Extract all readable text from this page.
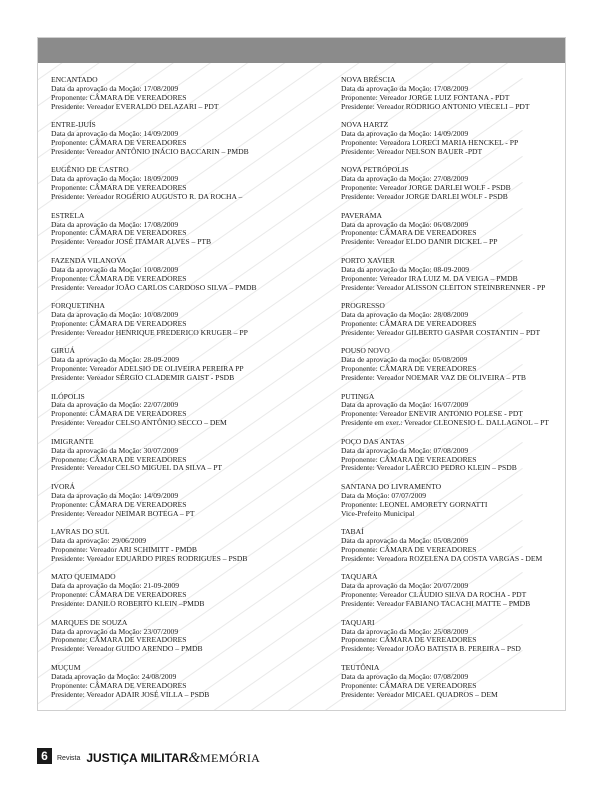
ENCANTADO
Data da aprovação da Moção: 17/08/2009
Proponente: CÂMARA DE VEREADORES
Presidente: Vereador EVERALDO DELAZARI – PDT
ENTRE-IJUÍS
Data da aprovação da Moção: 14/09/2009
Proponente: CÂMARA DE VEREADORES
Presidente: Vereador ANTÔNIO INÁCIO BACCARIN – PMDB
EUGÊNIO DE CASTRO
Data da aprovação da Moção: 18/09/2009
Proponente: CÂMARA DE VEREADORES
Presidente: Vereador ROGÉRIO AUGUSTO R. DA ROCHA –
ESTRELA
Data da aprovação da Moção: 17/08/2009
Proponente: CÂMARA DE VEREADORES
Presidente: Vereador JOSÉ ITAMAR ALVES – PTB
FAZENDA VILANOVA
Data da aprovação da Moção: 10/08/2009
Proponente: CÂMARA DE VEREADORES
Presidente: Vereador JOÃO CARLOS CARDOSO SILVA – PMDB
FORQUETINHA
Data da aprovação da Moção: 10/08/2009
Proponente: CÂMARA DE VEREADORES
Presidente: Vereador HENRIQUE FREDERICO KRUGER – PP
GIRUÁ
Data da aprovação da Moção: 28-09-2009
Proponente: Vereador ADELSIO DE OLIVEIRA PEREIRA PP
Presidente: Vereador SÉRGIO CLADEMIR GAIST - PSDB
ILÓPOLIS
Data da aprovação da Moção: 22/07/2009
Proponente: CÂMARA DE VEREADORES
Presidente: Vereador CELSO ANTÔNIO SECCO – DEM
IMIGRANTE
Data da aprovação da Moção: 30/07/2009
Proponente: CÂMARA DE VEREADORES
Presidente: Vereador CELSO MIGUEL DA SILVA – PT
IVORÁ
Data da aprovação da Moção: 14/09/2009
Proponente: CÂMARA DE VEREADORES
Presidente: Vereador NEIMAR BOTEGA – PT
LAVRAS DO SUL
Data da aprovação: 29/06/2009
Proponente: Vereador ARI SCHIMITT - PMDB
Presidente: Vereador EDUARDO PIRES RODRIGUES – PSDB
MATO QUEIMADO
Data da aprovação da Moção: 21-09-2009
Proponente: CÂMARA DE VEREADORES
Presidente: DANILO ROBERTO KLEIN –PMDB
MARQUES DE SOUZA
Data da aprovação da Moção: 23/07/2009
Proponente: CÂMARA DE VEREADORES
Presidente: Vereador GUIDO ARENDO – PMDB
MUÇUM
Datada aprovação da Moção: 24/08/2009
Proponente: CÂMARA DE VEREADORES
Presidente: Vereador ADAIR JOSÉ VILLA – PSDB
NOVA BRÉSCIA
Data da aprovação da Moção: 17/08/2009
Proponente: Vereador JORGE LUIZ FONTANA - PDT
Presidente: Vereador RODRIGO ANTONIO VIECELI – PDT
NOVA HARTZ
Data da aprovação da Moção: 14/09/2009
Proponente: Vereadora LORECI MARIA HENCKEL - PP
Presidente: Vereador NELSON BAUER -PDT
NOVA PETRÓPOLIS
Data da aprovação da Moção: 27/08/2009
Proponente: Vereador JORGE DARLEI WOLF - PSDB
Presidente: Vereador JORGE DARLEI WOLF - PSDB
PAVERAMA
Data da aprovação da Moção: 06/08/2009
Proponente: CÂMARA DE VEREADORES
Presidente: Vereador ELDO DANIR DICKEL – PP
PORTO XAVIER
Data da aprovação da Moção: 08-09-2009
Proponente: Vereador IRA LUIZ M. DA VEIGA – PMDB
Presidente: Vereador ALISSON CLEITON STEINBRENNER - PP
PROGRESSO
Data da aprovação da Moção: 28/08/2009
Proponente: CÂMARA DE VEREADORES
Presidente: Vereador GILBERTO GASPAR COSTANTIN – PDT
POUSO NOVO
Data de aprovação da moção: 05/08/2009
Proponente: CÂMARA DE VEREADORES
Presidente: Vereador NOEMAR VAZ DE OLIVEIRA – PTB
PUTINGA
Data da aprovação da Moção: 16/07/2009
Proponente: Vereador ENEVIR ANTONIO POLESE - PDT
Presidente em exer.: Vereador CLEONESIO L. DALLAGNOL – PT
POÇO DAS ANTAS
Data da aprovação da Moção: 07/08/2009
Proponente: CÂMARA DE VEREADORES
Presidente: Vereador LAÉRCIO PEDRO KLEIN – PSDB
SANTANA DO LIVRAMENTO
Data da Moção: 07/07/2009
Proponente: LEONEL AMORETY GORNATTI
Vice-Prefeito Municipal
TABAÍ
Data da aprovação da Moção: 05/08/2009
Proponente: CÂMARA DE VEREADORES
Presidente: Vereadora ROZELENA DA COSTA VARGAS - DEM
TAQUARA
Data da aprovação da Moção: 20/07/2009
Proponente: Vereador CLÁUDIO SILVA DA ROCHA - PDT
Presidente: Vereador FABIANO TACACHI MATTE – PMDB
TAQUARI
Data da aprovação da Moção: 25/08/2009
Proponente: CÂMARA DE VEREADORES
Presidente: Vereador JOÃO BATISTA B. PEREIRA – PSD
TEUTÔNIA
Data da aprovação da Moção: 07/08/2009
Proponente: CÂMARA DE VEREADORES
Presidente: Vereador MICAEL QUADROS – DEM
6	Revista JUSTIÇA MILITAR&MEMÓRIA
